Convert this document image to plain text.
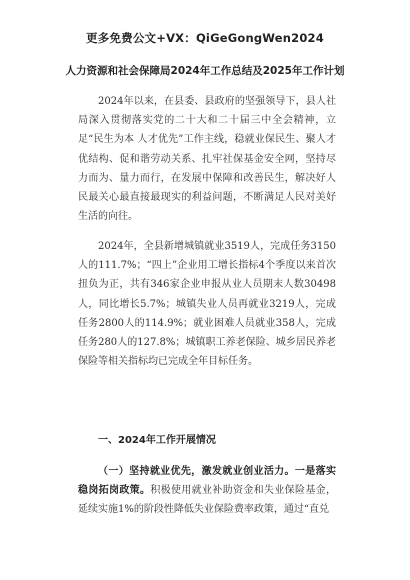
更多免费公文+VX：QiGeGongWen2024
人力资源和社会保障局2024年工作总结及2025年工作计划

2024年以来，在县委、县政府的坚强领导下，县人社局深入贯彻落实党的二十大和二十届三中全会精神，立足“民生为本 人才优先”工作主线，稳就业保民生、聚人才优结构、促和谐劳动关系、扎牢社保基金安全网，坚持尽力而为、量力而行，在发展中保障和改善民生，解决好人民最关心最直接最现实的利益问题，不断满足人民对美好生活的向往。

2024年，全县新增城镇就业3519人，完成任务3150人的111.7%；“四上”企业用工增长指标4个季度以来首次扭负为正，共有346家企业申报从业人员期末人数30498人，同比增长5.7%；城镇失业人员再就业3219人，完成任务2800人的114.9%；就业困难人员就业358人，完成任务280人的127.8%；城镇职工养老保险、城乡居民养老保险等相关指标均已完成全年目标任务。

一、2024年工作开展情况

（一）坚持就业优先，激发就业创业活力。一是落实稳岗拓岗政策。积极使用就业补助资金和失业保险基金，延续实施1%的阶段性降低失业保险费率政策，通过“直兑
